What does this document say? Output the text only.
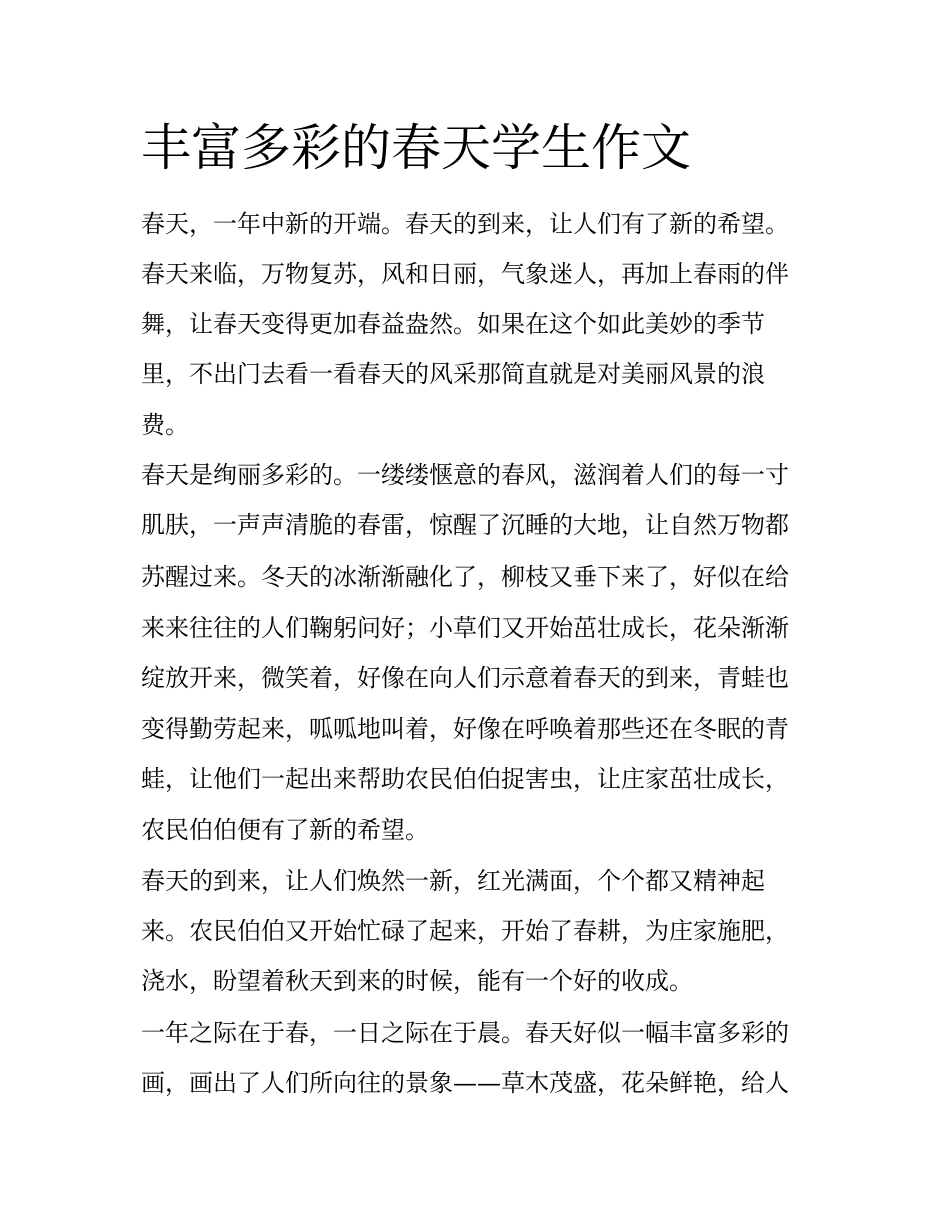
丰富多彩的春天学生作文

春天，一年中新的开端。春天的到来，让人们有了新的希望。

春天来临，万物复苏，风和日丽，气象迷人，再加上春雨的伴

舞，让春天变得更加春益盎然。如果在这个如此美妙的季节

里，不出门去看一看春天的风采那简直就是对美丽风景的浪

费。

春天是绚丽多彩的。一缕缕惬意的春风，滋润着人们的每一寸

肌肤，一声声清脆的春雷，惊醒了沉睡的大地，让自然万物都

苏醒过来。冬天的冰渐渐融化了，柳枝又垂下来了，好似在给

来来往往的人们鞠躬问好；小草们又开始茁壮成长，花朵渐渐

绽放开来，微笑着，好像在向人们示意着春天的到来，青蛙也

变得勤劳起来，呱呱地叫着，好像在呼唤着那些还在冬眠的青

蛙，让他们一起出来帮助农民伯伯捉害虫，让庄家茁壮成长，

农民伯伯便有了新的希望。

春天的到来，让人们焕然一新，红光满面，个个都又精神起

来。农民伯伯又开始忙碌了起来，开始了春耕，为庄家施肥，

浇水，盼望着秋天到来的时候，能有一个好的收成。

一年之际在于春，一日之际在于晨。春天好似一幅丰富多彩的

画，画出了人们所向往的景象——草木茂盛，花朵鲜艳，给人
